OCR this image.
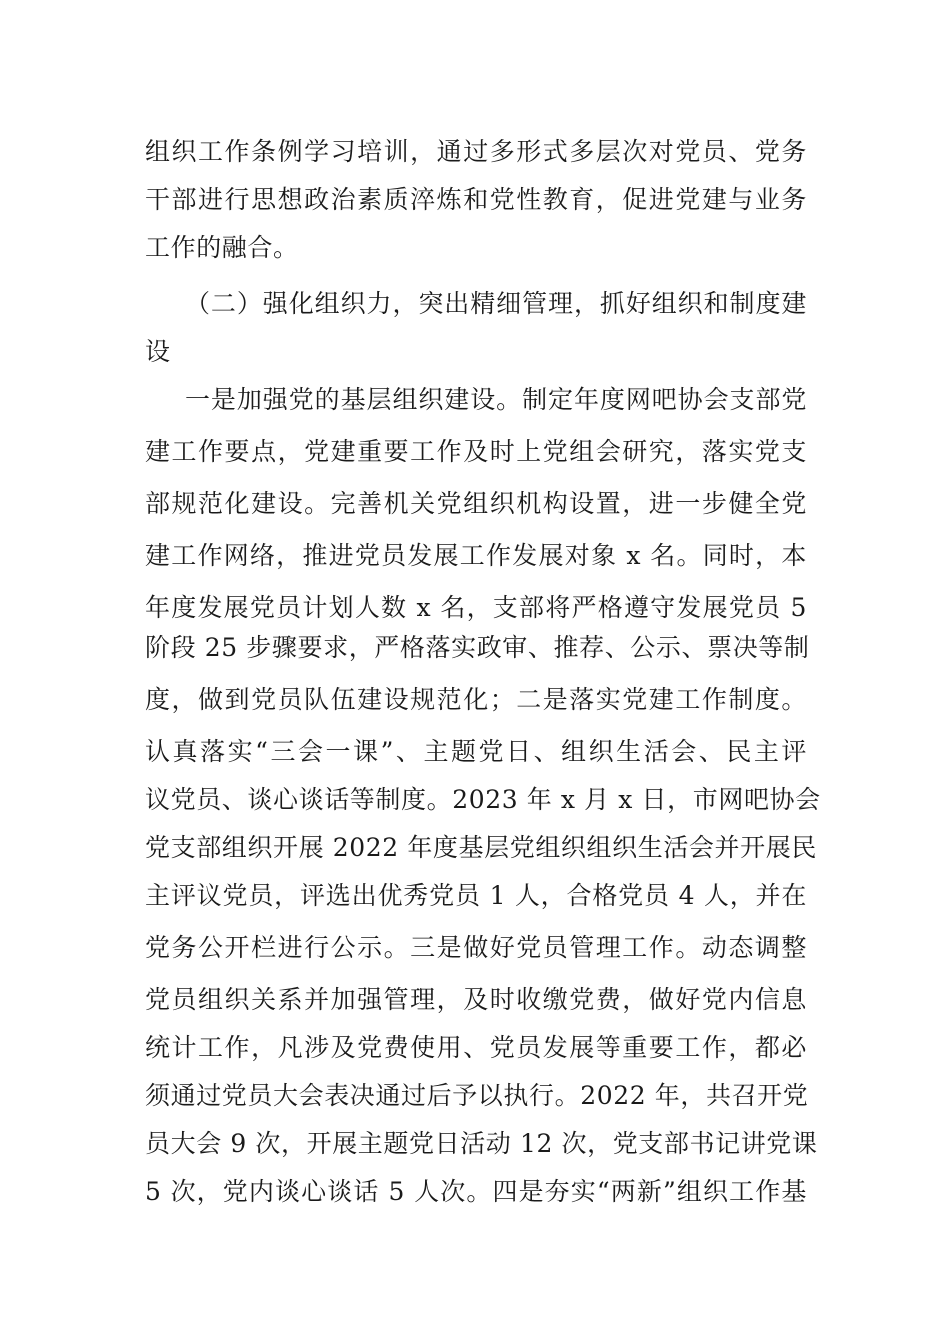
组织工作条例学习培训，通过多形式多层次对党员、党务
干部进行思想政治素质淬炼和党性教育，促进党建与业务
工作的融合。
（二）强化组织力，突出精细管理，抓好组织和制度建
设
一是加强党的基层组织建设。制定年度网吧协会支部党
建工作要点，党建重要工作及时上党组会研究，落实党支
部规范化建设。完善机关党组织机构设置，进一步健全党
建工作网络，推进党员发展工作发展对象 x 名。同时，本
年度发展党员计划人数 x 名，支部将严格遵守发展党员 5
阶段 25 步骤要求，严格落实政审、推荐、公示、票决等制
度，做到党员队伍建设规范化；二是落实党建工作制度。
认真落实“三会一课”、主题党日、组织生活会、民主评
议党员、谈心谈话等制度。2023 年 x 月 x 日，市网吧协会
党支部组织开展 2022 年度基层党组织组织生活会并开展民
主评议党员，评选出优秀党员 1 人，合格党员 4 人，并在
党务公开栏进行公示。三是做好党员管理工作。动态调整
党员组织关系并加强管理，及时收缴党费，做好党内信息
统计工作，凡涉及党费使用、党员发展等重要工作，都必
须通过党员大会表决通过后予以执行。2022 年，共召开党
员大会 9 次，开展主题党日活动 12 次，党支部书记讲党课
5 次，党内谈心谈话 5 人次。四是夯实“两新”组织工作基
